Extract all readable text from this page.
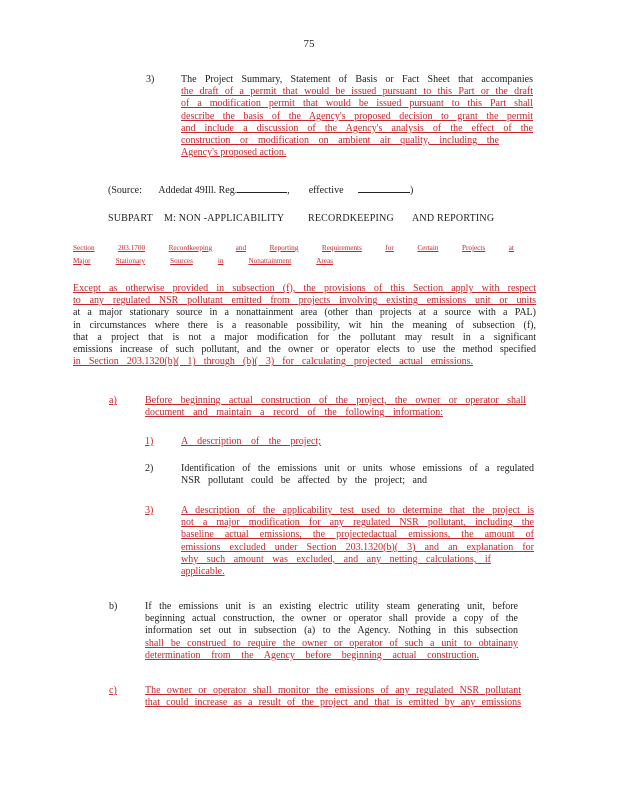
75
3)	The Project Summary, Statement of Basis or Fact Sheet that accompanies
the draft of a permit that would be issued pursuant to this Part or the draft
of a modification permit that would be issued pursuant to this Part shall
describe the basis of the Agency's proposed decision to grant the permit
and include a discussion of the Agency's analysis of the effect of the
construction or modification on ambient air quality, including the
Agency's proposed action.
(Source: Addedat 49Ill. Reg.	, effective	)
SUBPART M: NON -APPLICABILITY RECORDKEEPING AND REPORTING
Section	203.1700	Recordkeeping	and	Reporting	Requirements	for	Certain	Projects	at
Major	Stationary	Sources	in	Nonattainment	Areas
Except as otherwise provided in subsection (f), the provisions of this Section apply with respect
to any regulated NSR pollutant emitted from projects involving existing emissions unit or units
at a major stationary source in a nonattainment area (other than projects at a source with a PAL)
in circumstances where there is a reasonable possibility, wit hin the meaning of subsection (f),
that a project that is not a major modification for the pollutant may result in a significant
emissions increase of such pollutant, and the owner or operator elects to use the method specified
in Section 203.1320(b)( 1) through (b)( 3) for calculating projected actual emissions.
a)	Before beginning actual construction of the project, the owner or operator shall
document and maintain a record of the following information:
1)	A description of the project;
2)	Identification of the emissions unit or units whose emissions of a regulated
NSR pollutant could be affected by the project; and
3)	A description of the applicability test used to determine that the project is
not a major modification for any regulated NSR pollutant, including the
baseline actual emissions, the projectedactual emissions, the amount of
emissions excluded under Section 203.1320(b)( 3) and an explanation for
why such amount was excluded, and any netting calculations, if
applicable.
b)	If the emissions unit is an existing electric utility steam generating unit, before
beginning actual construction, the owner or operator shall provide a copy of the
information set out in subsection (a) to the Agency. Nothing in this subsection
shall be construed to require the owner or operator of such a unit to obtainany
determination from the Agency before beginning actual construction.
c)	The owner or operator shall monitor the emissions of any regulated NSR pollutant
that could increase as a result of the project and that is emitted by any emissions
